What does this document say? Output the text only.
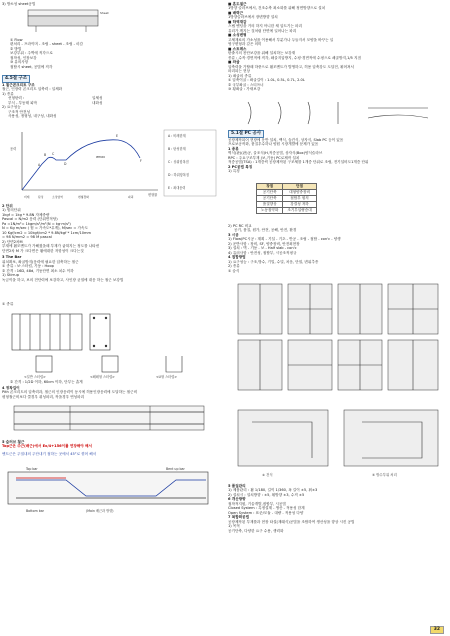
3) 방소성 sheet공법
Sheet
① Flow
편처리 - 프라이머 - 조립 - sheet - 조립 - 마감
② 방법
보강부위 : 주벽에 직각으로
접착성, 인장보강
③ 유의사항
접합시 sheet, 공법에 직각
4.5절 구조
1 철근콘크리트 구조
철근, 인장력 콘크리트 압축력 : 일체화
1) 종류
선형탄력 :	일체성
부식 - 부동태 피막	내화성
2) 요구성능
구조적 안전성
사용성, 정형성, 내구성, 내화성
A
B C
D
E
F
σmax
응력
변형률
비례	탄성	소성영역	변형경화	파괴
A : 비례한계
B : 탄성한계
C : 상위항복점
D : 하위항복점
E : 최대응력
2 단위
1) 힘의단위
1kgf = 1kg * 9.8N 자체중량
Pascal = N/m2 응력 (단위면적당)
Pa =1N/m²= 1kgm/s²/m²(N = kg·m/s²)
N = Kg m/sec ( 힘 = 가속도*무게), M/sec = 가속도
10 Kgf/cm2 = 10kgf/cm2 * 9.8N/kgf * 1cm/10mm
= 98 N/mm2 = 98 M pascal
2) 단면2차M
부재에 휨모멘트가 가해졌을때 부재가 굽혀지는 정도를 나타낸
단면2차 M 가 크다면은 휨에대한 저항성이 크다는것
3 The Bar
위치확보, 좌굴방지(응력에 필요한 압축하는 철근
① 종류 : 보·스터럽, 기둥 : Hoop
② 간격 : 16D, 48d, 기둥단면 최소 치수 이하
1) Stirrup
녹금이을 하고, 보의 전단력에 보강하고, 사인장 균열에 대응 하는 철근 보강법
① 종류
<일반 스터럽>	<폐쇄형 스터럽>	<U형 스터럽>
② 간격 : 1/2D 이하, 60cm 이하, 단부는 촘게
4 정착길이
Pith 콘크리트의 압축력과, 철근의 인장응력이 동시에 허용인장응력에 도달하는 철근비
평형철근비보다 클경우 취성파괴, 작을경우 연성파괴
5 슬러브 철근
Top근은 주근(배근)에서 Ex/4+156이를 연장해야 해서
벤트근은 주열내의 주단내기 접하는 곳에서 45°로 꺾어 해서
Top bar	Bent up bar
Bottom bar	(Main 배근과 방향)
■ 흔도절근
1방향 슬라브에서, 건조수축 최소화를 위해 정면방향으로 설치
■ 배력근
1방향슬라브에서 장변방향 설치
■ 하역재감
스냅 벤딩을 거의 하지 아니한 채 압트기는 파괴
유리가 깨지는 것처럼 단면에 일어나는 파괴
■ 소성변형
고체재료의 가소성을 이용해서 부분가나 두들겨서 모양을 바꾸는 일
영구변형과 같은 의미
■ 스트레스
탄출시의 찬단보강을 위해 설치하는 보강재
종류 : 수직·경면적에 직각, 쇄골지압방지, 수평·경면적에 수평으로 쇄골방지,1/5 지점
■ 좌굴
압축력을 가할때 하중으로 휨모멘트가 발생하고, 허용 압축강도 도달전, 휘어져서
파괴되는 현상
1) 좌굴의 종류
① 압축이굴 : 좌굴길이 : 1.0L, 0.5L, 0.7L, 2.0L
② 국부좌굴 : 스티프너
③ 횡좌굴 : 가새보강
5.1절 PC 공사
공장제작되어 현장에 운반 설치, 백식, 습건식, 상자식, Slab PC 등이 있음
프로보공작화, 품질우수하나 양원 시장개발에 문제가 있음
1 종류
벽식(판)(판)공, 골조식(H,적층공법, 상자식(Box)양식슬라브
RPC : 주요구조부재 (보,기둥) PC로제작 설치
적층공법(TSA) : 1개층씩 공장제작된 구조체를 1개층 단위로 조립, 전기설비도1개층 단위
2 PC공법 특징
1) 특징
장점	단점
공기단축	대형양중장비
공기단축	접합부 원칙
품질향상	강결성 저하
노동집약화	조기투입량증대
2) PC RC 비교
공기, 품질, 원가, 안전, 공해, 안전, 환경
3 시공
1) Flow(PC시공 : 계획 - 기설 - 기초 - 반공 - 조립 - 접합 - con'c - 양생
2) 운반사항 : 장비, SF, 양중장비, 안전최현장
3) 설치 : 벽 - 기둥 - 보 - Half slab - con'c
4) 유의사항 : 안전성, 접합부, 시공조직평규
4 접합방법
1) 요구성능 : 구조,방수, 기밀, 수밀, 차음, 단열, 변위추종
2) 종류
① 습식
② 건식	③ 방수부위 처리
5 품질관리
1) 제품관리 : 휨 1/180, 길이 1/360, 폭 길이 ±5, 휘±3
2) 설치시 : 설치방향 : ±5, 휘방향 ±3, 수직 ±5
6 개산방향
접착적지원, 기술개발,접합부, 시공법
Closed System : 특정설계 - 생산 - 적용성 한계
Open System : 표준/모듈 - 대량 - 적용성 다양
7 복합화공법
공장제작된 부재를과 현장 타설(재래식)공법을 조합하여 생산성을 향상 시킨 공법
1) 목적
공기단축, 다양한 요구 수용, 생력화
32
